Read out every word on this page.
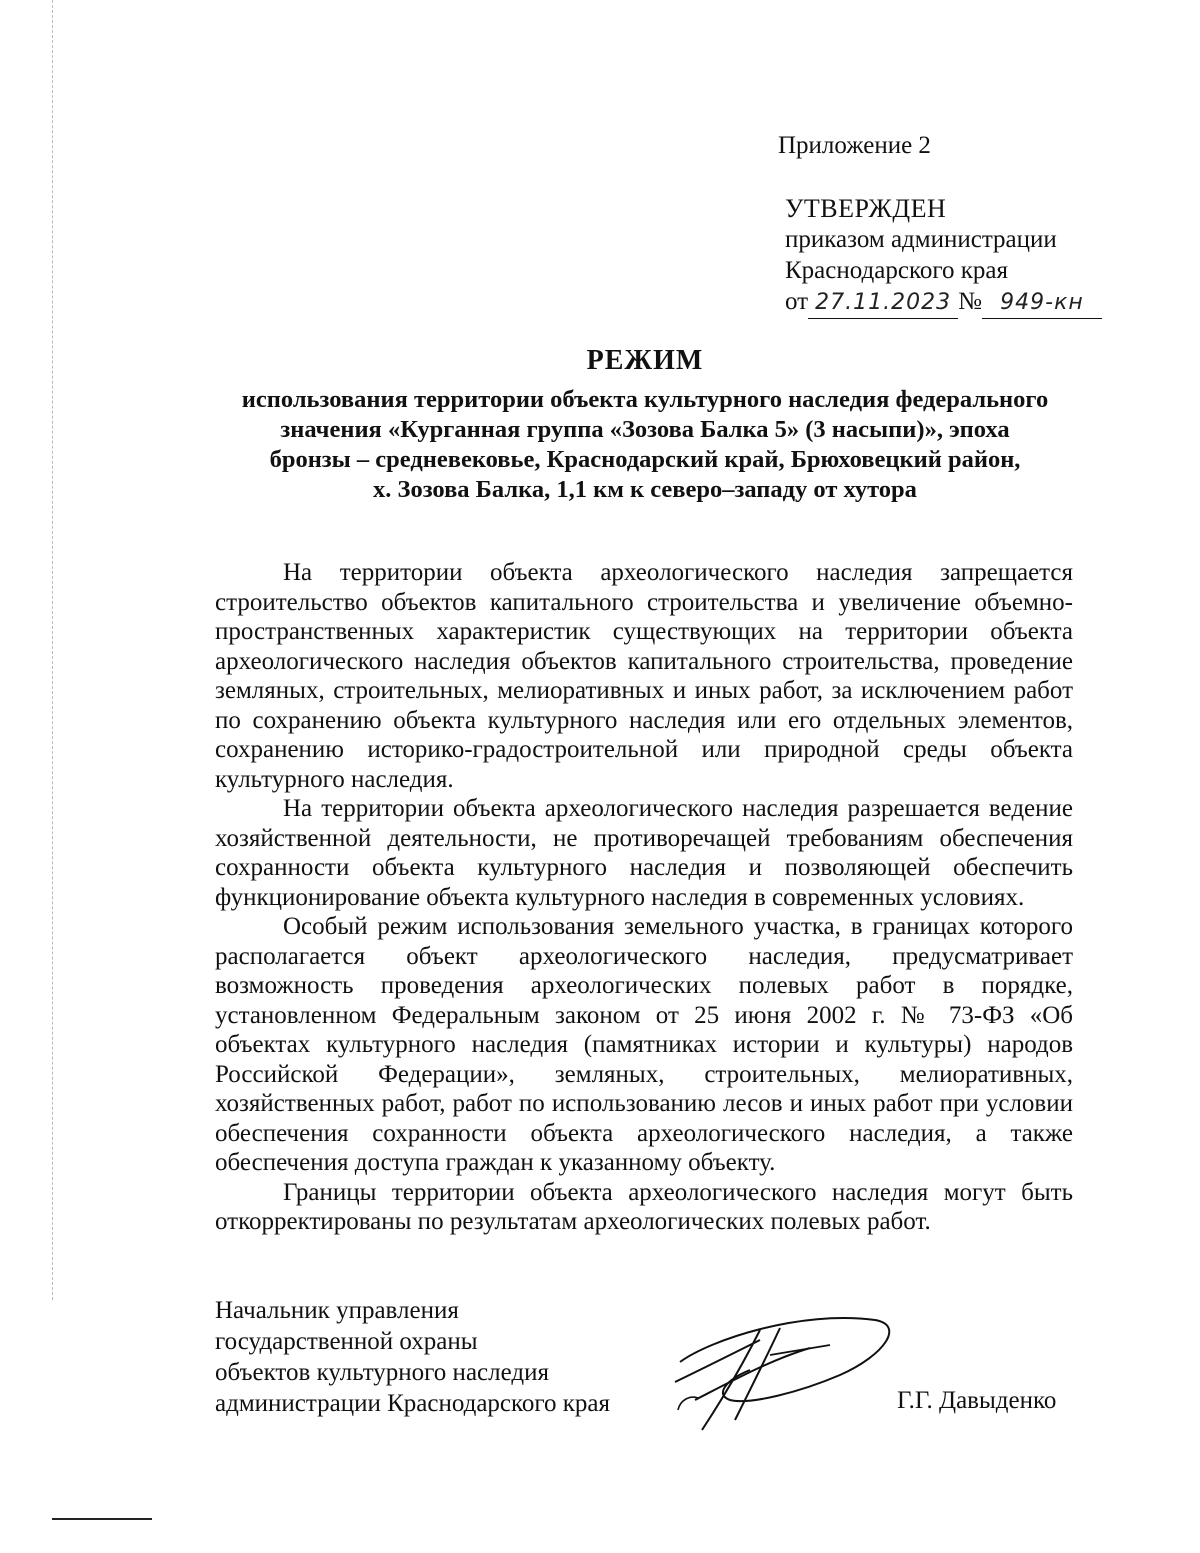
Приложение 2
УТВЕРЖДЕН
приказом администрации
Краснодарского края
от 27.11.2023 № 949-кн
РЕЖИМ
использования территории объекта культурного наследия федерального
значения «Курганная группа «Зозова Балка 5» (3 насыпи)», эпоха
бронзы – средневековье, Краснодарский край, Брюховецкий район,
х. Зозова Балка, 1,1 км к северо–западу от хутора

На территории объекта археологического наследия запрещается строительство объектов капитального строительства и увеличение объемно-пространственных характеристик существующих на территории объекта археологического наследия объектов капитального строительства, проведение земляных, строительных, мелиоративных и иных работ, за исключением работ по сохранению объекта культурного наследия или его отдельных элементов, сохранению историко-градостроительной или природной среды объекта культурного наследия.

На территории объекта археологического наследия разрешается ведение хозяйственной деятельности, не противоречащей требованиям обеспечения сохранности объекта культурного наследия и позволяющей обеспечить функционирование объекта культурного наследия в современных условиях.

Особый режим использования земельного участка, в границах которого располагается объект археологического наследия, предусматривает возможность проведения археологических полевых работ в порядке, установленном Федеральным законом от 25 июня 2002 г. № 73-ФЗ «Об объектах культурного наследия (памятниках истории и культуры) народов Российской Федерации», земляных, строительных, мелиоративных, хозяйственных работ, работ по использованию лесов и иных работ при условии обеспечения сохранности объекта археологического наследия, а также обеспечения доступа граждан к указанному объекту.

Границы территории объекта археологического наследия могут быть откорректированы по результатам археологических полевых работ.

Начальник управления
государственной охраны
объектов культурного наследия
администрации Краснодарского края	Г.Г. Давыденко
